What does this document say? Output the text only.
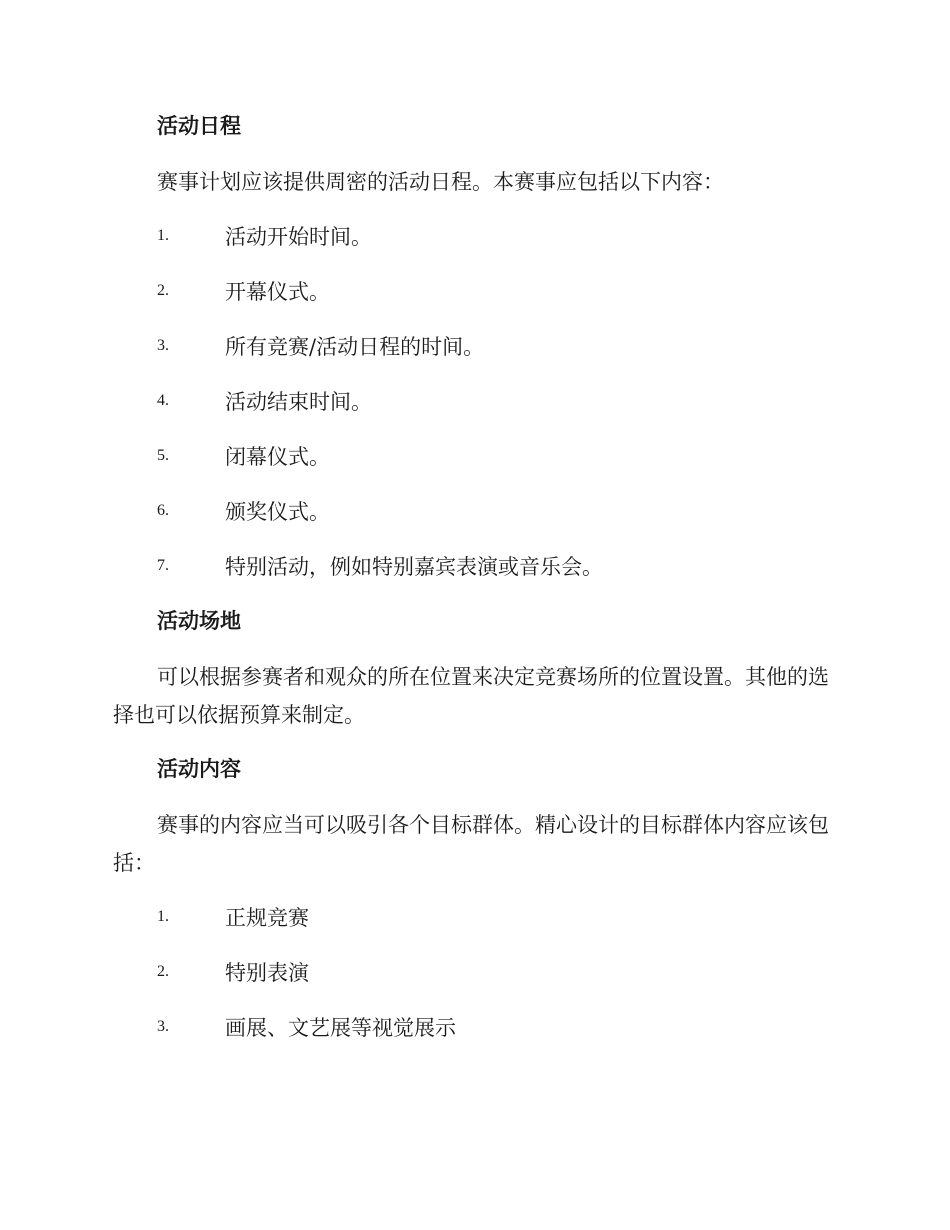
活动日程

赛事计划应该提供周密的活动日程。本赛事应包括以下内容：

1.	活动开始时间。
2.	开幕仪式。
3.	所有竞赛/活动日程的时间。
4.	活动结束时间。
5.	闭幕仪式。
6.	颁奖仪式。
7.	特别活动，例如特别嘉宾表演或音乐会。
活动场地

可以根据参赛者和观众的所在位置来决定竞赛场所的位置设置。其他的选择也可以依据预算来制定。

活动内容

赛事的内容应当可以吸引各个目标群体。精心设计的目标群体内容应该包括：

1.	正规竞赛
2.	特别表演
3.	画展、文艺展等视觉展示
